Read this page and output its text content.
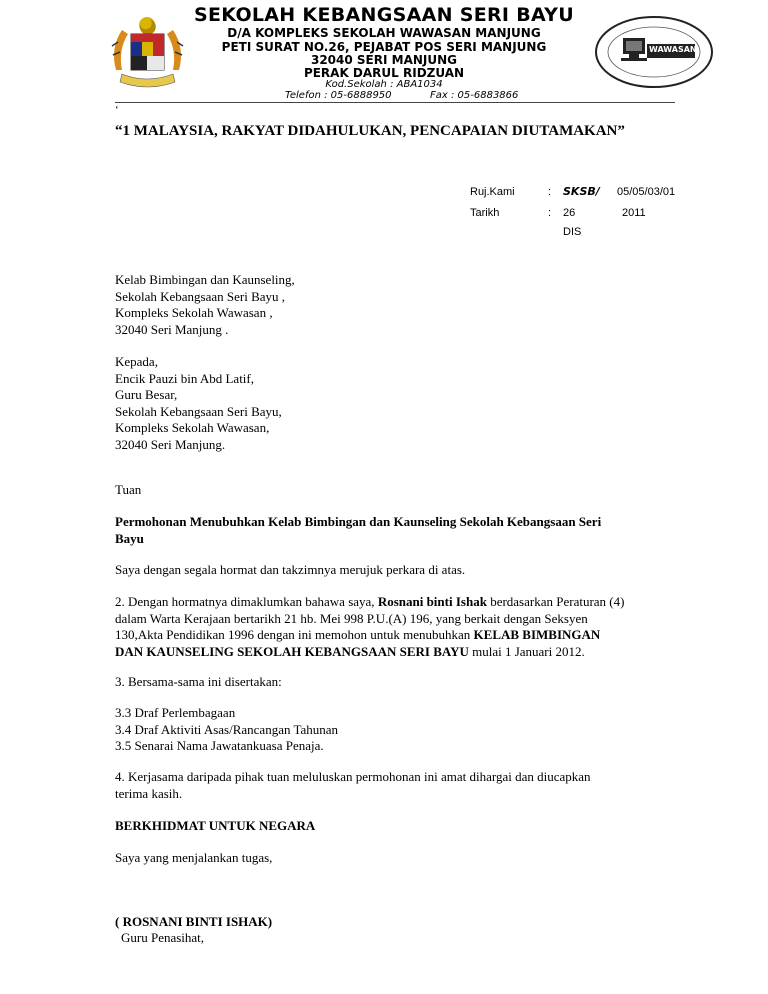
WAWASAN
SEKOLAH KEBANGSAAN SERI BAYU
D/A KOMPLEKS SEKOLAH WAWASAN MANJUNG
PETI SURAT NO.26, PEJABAT POS SERI MANJUNG
32040 SERI MANJUNG
PERAK DARUL RIDZUAN
Kod.Sekolah : ABA1034
Telefon : 05-6888950	Fax : 05-6883866
‘
“1 MALAYSIA, RAKYAT DIDAHULUKAN, PENCAPAIAN DIUTAMAKAN”
Ruj.Kami	: SKSB/ 05/05/03/01
Tarikh	: 26	2011
DIS

Kelab Bimbingan dan Kaunseling,

Sekolah Kebangsaan Seri Bayu ,

Kompleks Sekolah Wawasan ,

32040 Seri Manjung .

Kepada,

Encik Pauzi bin Abd Latif,

Guru Besar,

Sekolah Kebangsaan Seri Bayu,

Kompleks Sekolah Wawasan,

32040 Seri Manjung.

Tuan

Permohonan Menubuhkan Kelab Bimbingan dan Kaunseling Sekolah Kebangsaan Seri

Bayu

Saya dengan segala hormat dan takzimnya merujuk perkara di atas.

2. Dengan hormatnya dimaklumkan bahawa saya, Rosnani binti Ishak berdasarkan Peraturan (4)

dalam Warta Kerajaan bertarikh 21 hb. Mei 998 P.U.(A) 196, yang berkait dengan Seksyen

130,Akta Pendidikan 1996 dengan ini memohon untuk menubuhkan KELAB BIMBINGAN

DAN KAUNSELING SEKOLAH KEBANGSAAN SERI BAYU mulai 1 Januari 2012.

3. Bersama-sama ini disertakan:

3.3 Draf Perlembagaan

3.4 Draf Aktiviti Asas/Rancangan Tahunan

3.5 Senarai Nama Jawatankuasa Penaja.

4. Kerjasama daripada pihak tuan meluluskan permohonan ini amat dihargai dan diucapkan

terima kasih.

BERKHIDMAT UNTUK NEGARA
Saya yang menjalankan tugas,
( ROSNANI BINTI ISHAK)
Guru Penasihat,
